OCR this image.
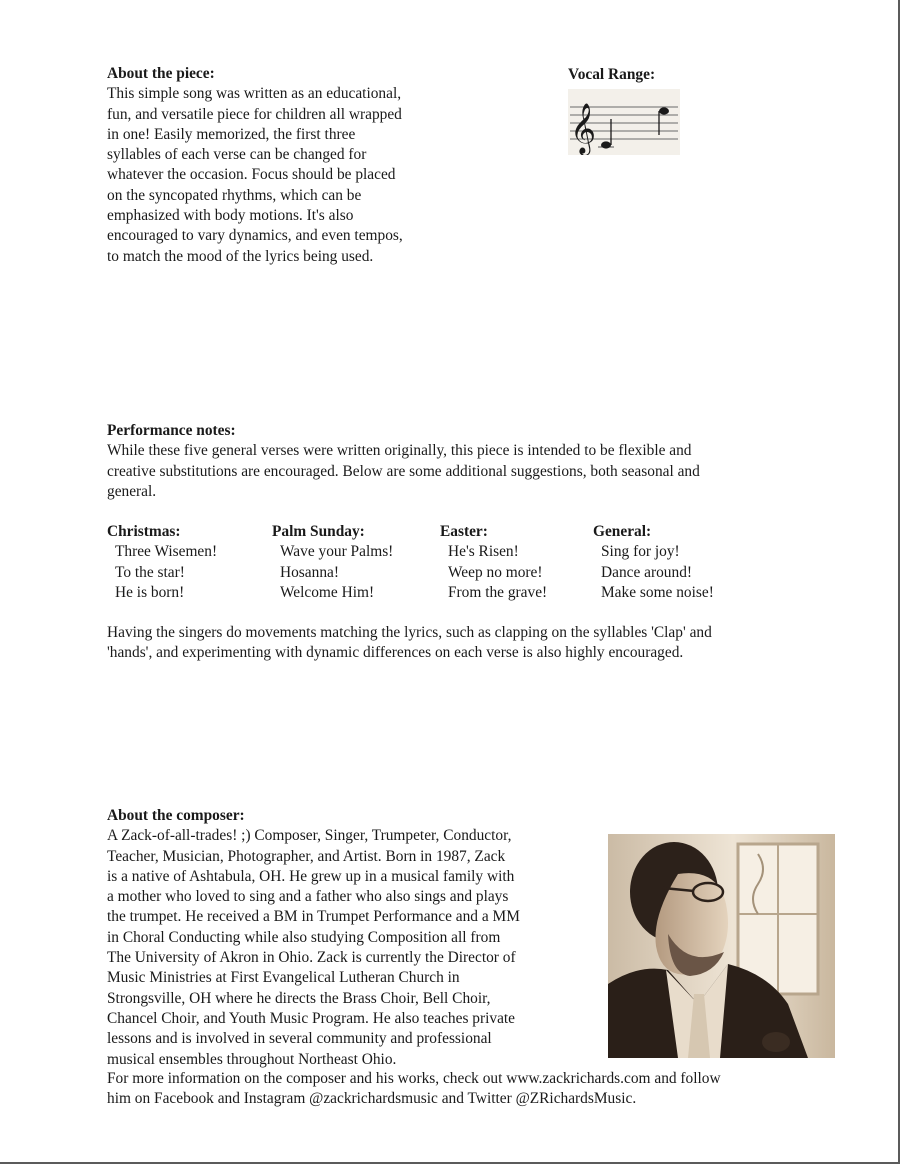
About the piece:
This simple song was written as an educational,
fun, and versatile piece for children all wrapped
in one! Easily memorized, the first three
syllables of each verse can be changed for
whatever the occasion. Focus should be placed
on the syncopated rhythms, which can be
emphasized with body motions. It's also
encouraged to vary dynamics, and even tempos,
to match the mood of the lyrics being used.
Vocal Range:
𝄞
Performance notes:
While these five general verses were written originally, this piece is intended to be flexible and
creative substitutions are encouraged. Below are some additional suggestions, both seasonal and
general.
Christmas:
Three Wisemen!
To the star!
He is born!
Palm Sunday:
Wave your Palms!
Hosanna!
Welcome Him!
Easter:
He's Risen!
Weep no more!
From the grave!
General:
Sing for joy!
Dance around!
Make some noise!
Having the singers do movements matching the lyrics, such as clapping on the syllables 'Clap' and
'hands', and experimenting with dynamic differences on each verse is also highly encouraged.
About the composer:
A Zack-of-all-trades! ;) Composer, Singer, Trumpeter, Conductor,
Teacher, Musician, Photographer, and Artist. Born in 1987, Zack
is a native of Ashtabula, OH. He grew up in a musical family with
a mother who loved to sing and a father who also sings and plays
the trumpet. He received a BM in Trumpet Performance and a MM
in Choral Conducting while also studying Composition all from
The University of Akron in Ohio. Zack is currently the Director of
Music Ministries at First Evangelical Lutheran Church in
Strongsville, OH where he directs the Brass Choir, Bell Choir,
Chancel Choir, and Youth Music Program. He also teaches private
lessons and is involved in several community and professional
musical ensembles throughout Northeast Ohio.
For more information on the composer and his works, check out www.zackrichards.com and follow
him on Facebook and Instagram @zackrichardsmusic and Twitter @ZRichardsMusic.
